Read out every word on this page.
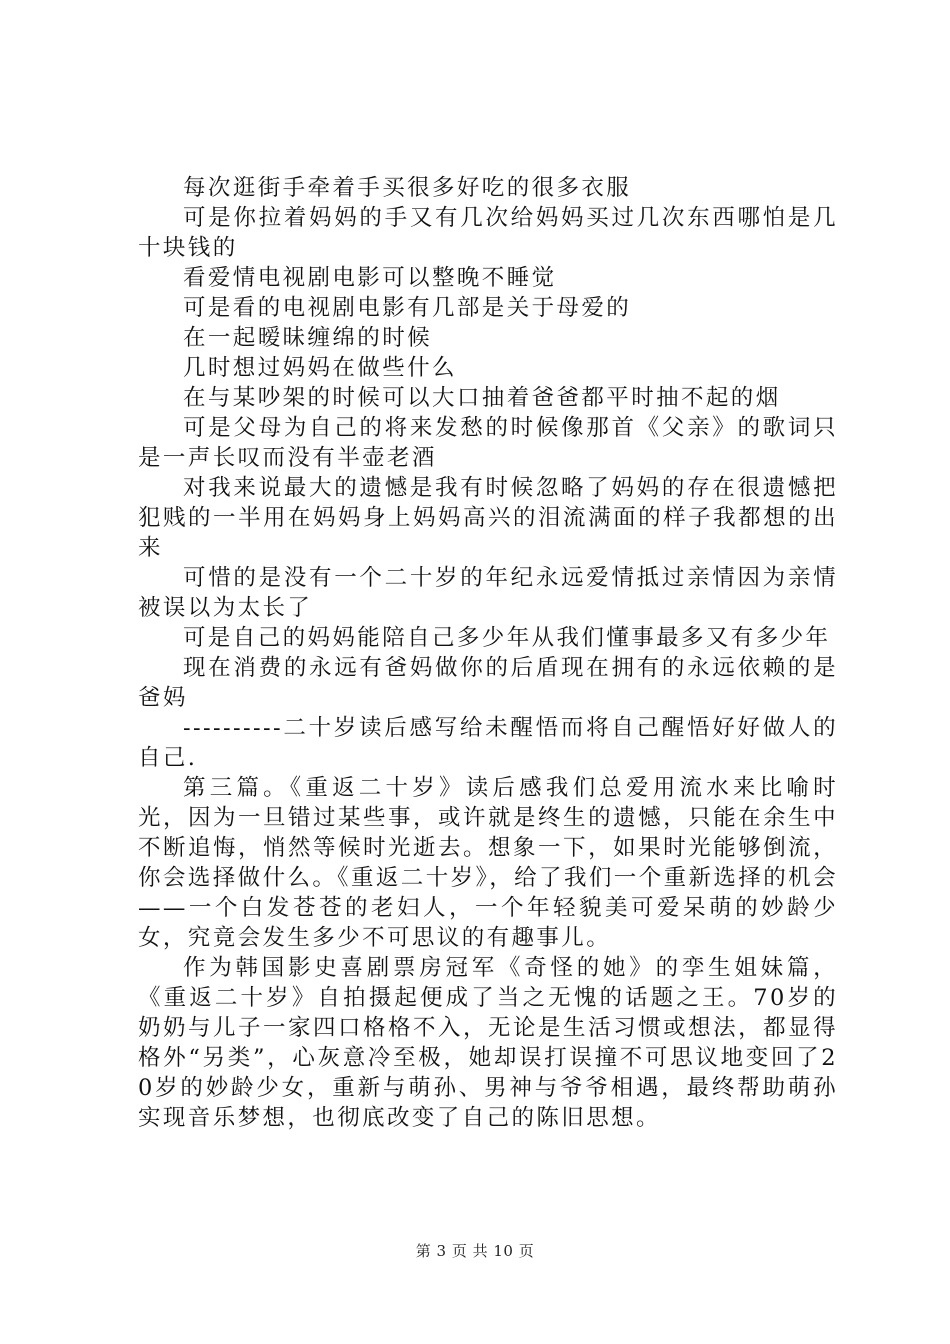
每次逛街手牵着手买很多好吃的很多衣服

可是你拉着妈妈的手又有几次给妈妈买过几次东西哪怕是几十块钱的

看爱情电视剧电影可以整晚不睡觉

可是看的电视剧电影有几部是关于母爱的

在一起暧昧缠绵的时候

几时想过妈妈在做些什么

在与某吵架的时候可以大口抽着爸爸都平时抽不起的烟

可是父母为自己的将来发愁的时候像那首《父亲》的歌词只是一声长叹而没有半壶老酒

对我来说最大的遗憾是我有时候忽略了妈妈的存在很遗憾把犯贱的一半用在妈妈身上妈妈高兴的泪流满面的样子我都想的出来

可惜的是没有一个二十岁的年纪永远爱情抵过亲情因为亲情被误以为太长了

可是自己的妈妈能陪自己多少年从我们懂事最多又有多少年

现在消费的永远有爸妈做你的后盾现在拥有的永远依赖的是爸妈

----------二十岁读后感写给未醒悟而将自己醒悟好好做人的自己.

第三篇。《重返二十岁》读后感我们总爱用流水来比喻时光，因为一旦错过某些事，或许就是终生的遗憾，只能在余生中不断追悔，悄然等候时光逝去。想象一下，如果时光能够倒流，你会选择做什么。《重返二十岁》，给了我们一个重新选择的机会——一个白发苍苍的老妇人，一个年轻貌美可爱呆萌的妙龄少女，究竟会发生多少不可思议的有趣事儿。

作为韩国影史喜剧票房冠军《奇怪的她》的孪生姐妹篇，《重返二十岁》自拍摄起便成了当之无愧的话题之王。70岁的奶奶与儿子一家四口格格不入，无论是生活习惯或想法，都显得格外“另类”，心灰意冷至极，她却误打误撞不可思议地变回了20岁的妙龄少女，重新与萌孙、男神与爷爷相遇，最终帮助萌孙实现音乐梦想，也彻底改变了自己的陈旧思想。

第 3 页 共 10 页
